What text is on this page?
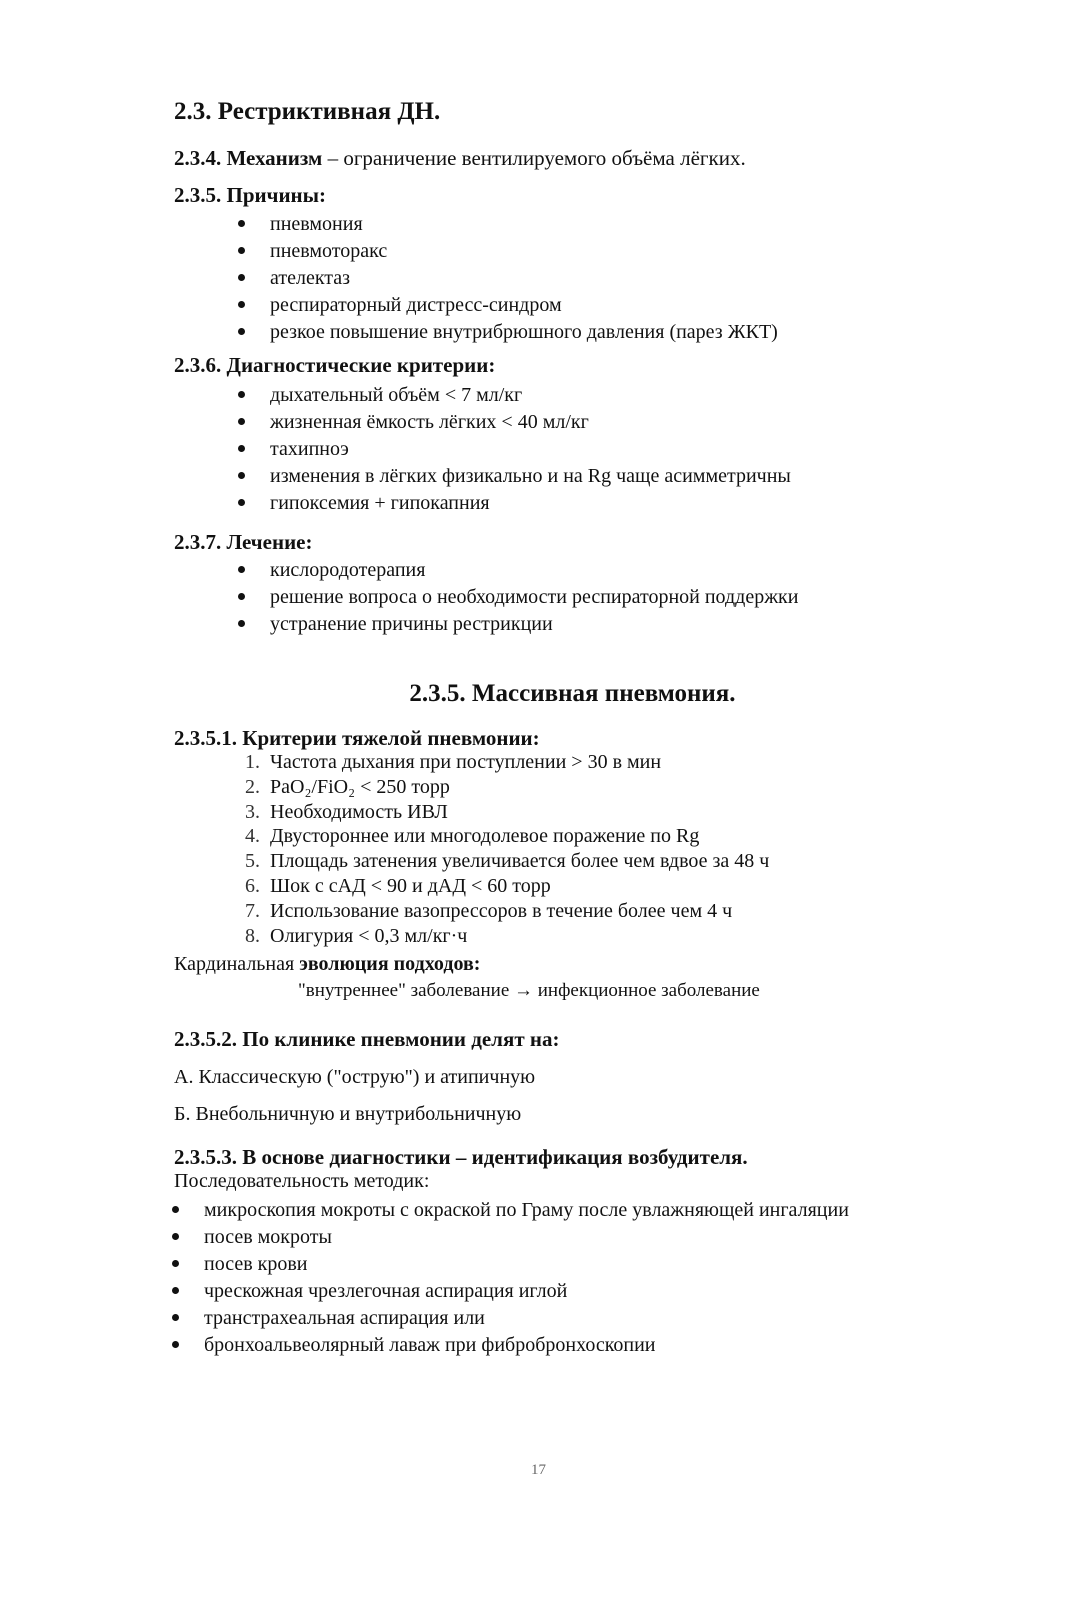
2.3. Рестриктивная ДН.
2.3.4. Механизм – ограничение вентилируемого объёма лёгких.
2.3.5. Причины:
пневмония
пневмоторакс
ателектаз
респираторный дистресс-синдром
резкое повышение внутрибрюшного давления (парез ЖКТ)
2.3.6. Диагностические критерии:
дыхательный объём < 7 мл/кг
жизненная ёмкость лёгких < 40 мл/кг
тахипноэ
изменения в лёгких физикально и на Rg чаще асимметричны
гипоксемия + гипокапния
2.3.7. Лечение:
кислородотерапия
решение вопроса о необходимости респираторной поддержки
устранение причины рестрикции
2.3.5. Массивная пневмония.
2.3.5.1. Критерии тяжелой пневмонии:
1. Частота дыхания при поступлении > 30 в мин
2. PaO₂/FiO₂ < 250 торр
3. Необходимость ИВЛ
4. Двустороннее или многодолевое поражение по Rg
5. Площадь затенения увеличивается более чем вдвое за 48 ч
6. Шок с сАД < 90 и дАД < 60 торр
7. Использование вазопрессоров в течение более чем 4 ч
8. Олигурия < 0,3 мл/кг·ч
Кардинальная эволюция подходов:
"внутреннее" заболевание → инфекционное заболевание
2.3.5.2. По клинике пневмонии делят на:
А. Классическую ("острую") и атипичную
Б. Внебольничную и внутрибольничную
2.3.5.3. В основе диагностики – идентификация возбудителя.
Последовательность методик:
микроскопия мокроты с окраской по Граму после увлажняющей ингаляции
посев мокроты
посев крови
чрескожная чрезлегочная аспирация иглой
транстрахеальная аспирация или
бронхоальвеолярный лаваж при фибробронхоскопии
17
